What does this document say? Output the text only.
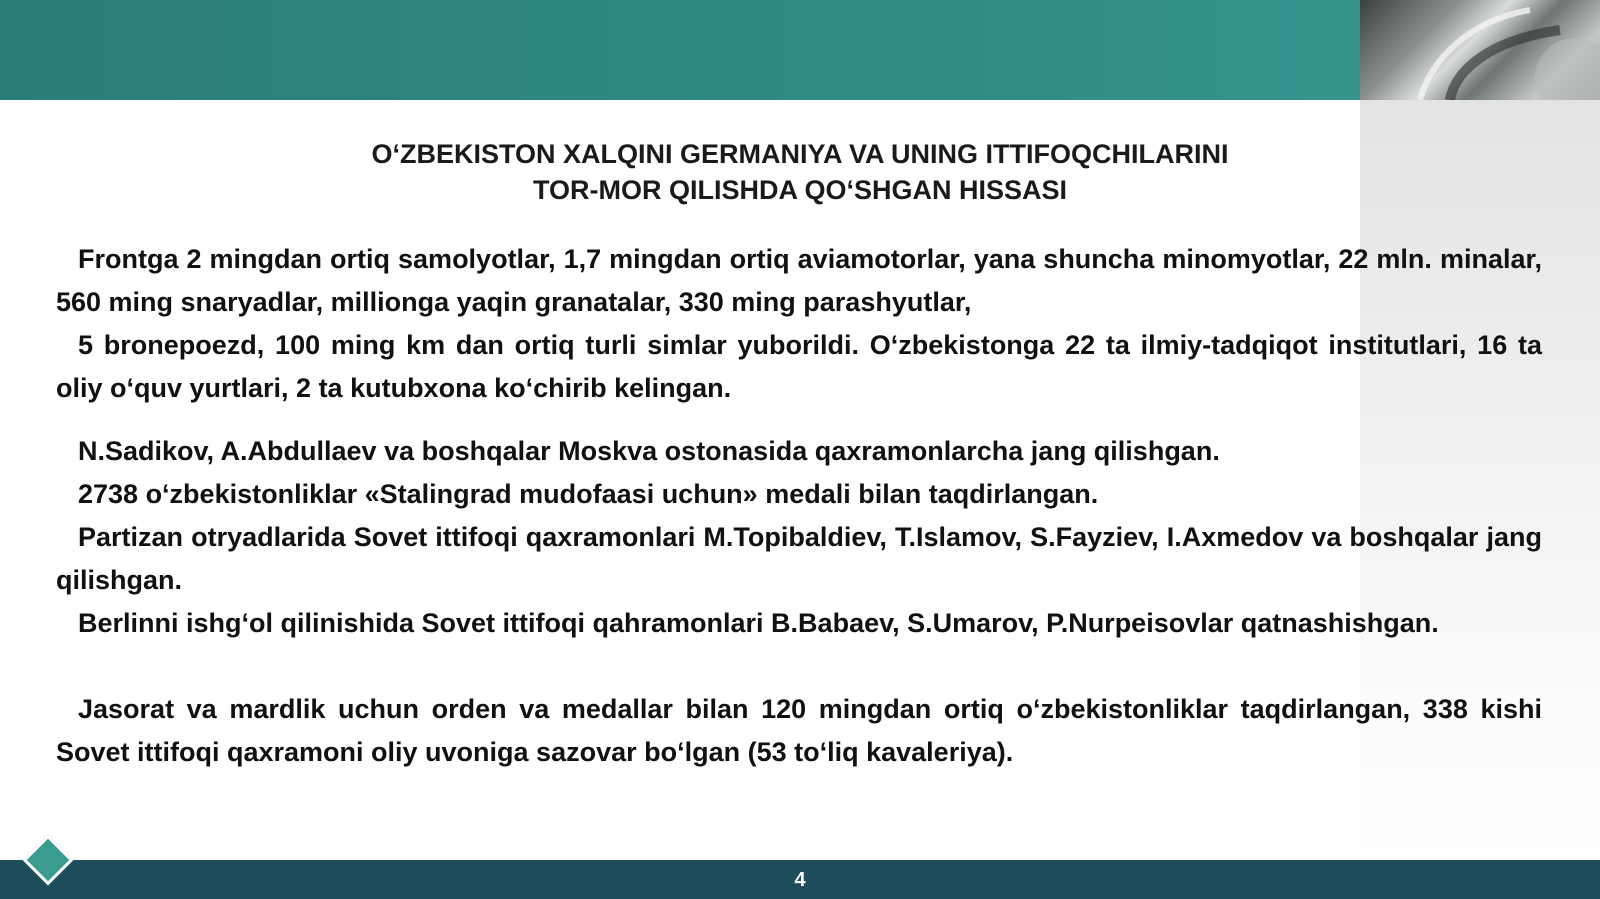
O‘ZBEKISTON XALQINI GERMANIYA VA UNING ITTIFOQCHILARINI
TOR-MOR QILISHDA QO‘SHGAN HISSASI

Frontga 2 mingdan ortiq samolyotlar, 1,7 mingdan ortiq aviamotorlar, yana shuncha minomyotlar, 22 mln. minalar, 560 ming snaryadlar, millionga yaqin granatalar, 330 ming parashyutlar,

5 bronepoezd, 100 ming km dan ortiq turli simlar yuborildi. O‘zbekistonga 22 ta ilmiy-tadqiqot institutlari, 16 ta oliy o‘quv yurtlari, 2 ta kutubxona ko‘chirib kelingan.

N.Sadikov, A.Abdullaev va boshqalar Moskva ostonasida qaxramonlarcha jang qilishgan.

2738 o‘zbekistonliklar «Stalingrad mudofaasi uchun» medali bilan taqdirlangan.

Partizan otryadlarida Sovet ittifoqi qaxramonlari M.Topibaldiev, T.Islamov, S.Fayziev, I.Axmedov va boshqalar jang qilishgan.

Berlinni ishg‘ol qilinishida Sovet ittifoqi qahramonlari B.Babaev, S.Umarov, P.Nurpeisovlar qatnashishgan.

Jasorat va mardlik uchun orden va medallar bilan 120 mingdan ortiq o‘zbekistonliklar taqdirlangan, 338 kishi Sovet ittifoqi qaxramoni oliy uvoniga sazovar bo‘lgan (53 to‘liq kavaleriya).

4
